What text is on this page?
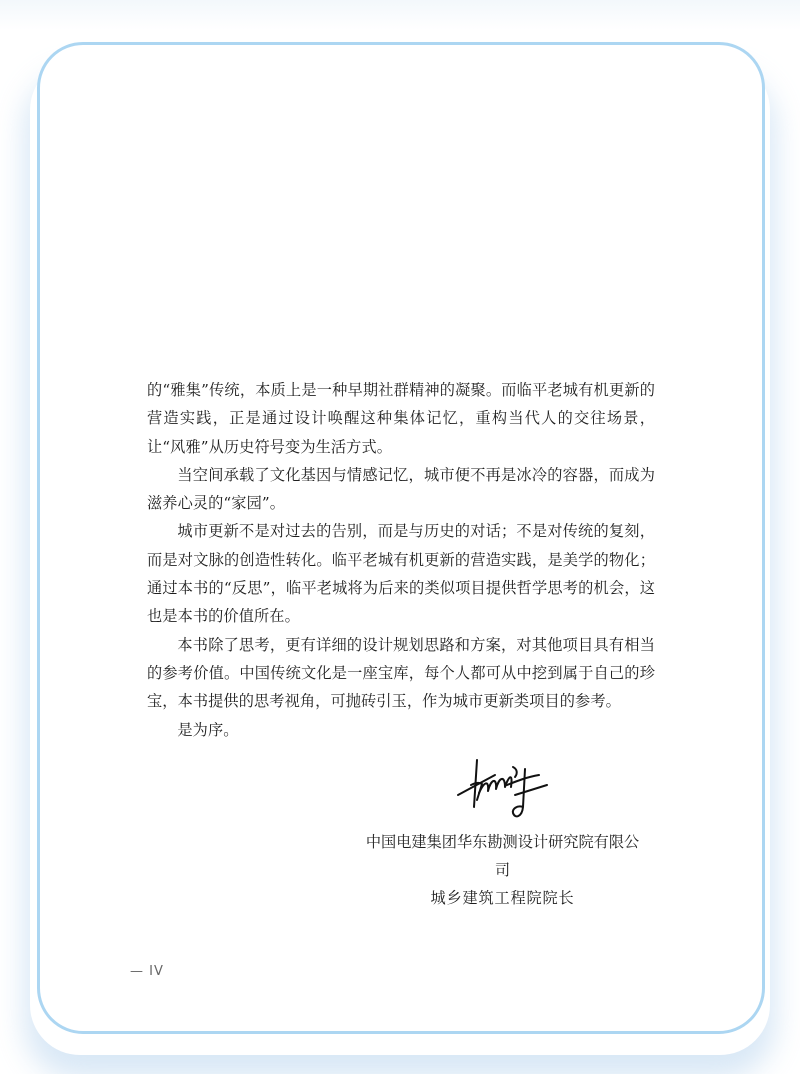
的“雅集”传统，本质上是一种早期社群精神的凝聚。而临平老城有机更新的营造实践，正是通过设计唤醒这种集体记忆，重构当代人的交往场景，让“风雅”从历史符号变为生活方式。

当空间承载了文化基因与情感记忆，城市便不再是冰冷的容器，而成为滋养心灵的“家园”。

城市更新不是对过去的告别，而是与历史的对话；不是对传统的复刻，而是对文脉的创造性转化。临平老城有机更新的营造实践，是美学的物化；通过本书的“反思”，临平老城将为后来的类似项目提供哲学思考的机会，这也是本书的价值所在。

本书除了思考，更有详细的设计规划思路和方案，对其他项目具有相当的参考价值。中国传统文化是一座宝库，每个人都可从中挖到属于自己的珍宝，本书提供的思考视角，可抛砖引玉，作为城市更新类项目的参考。

是为序。

中国电建集团华东勘测设计研究院有限公司
城乡建筑工程院院长
— IV
